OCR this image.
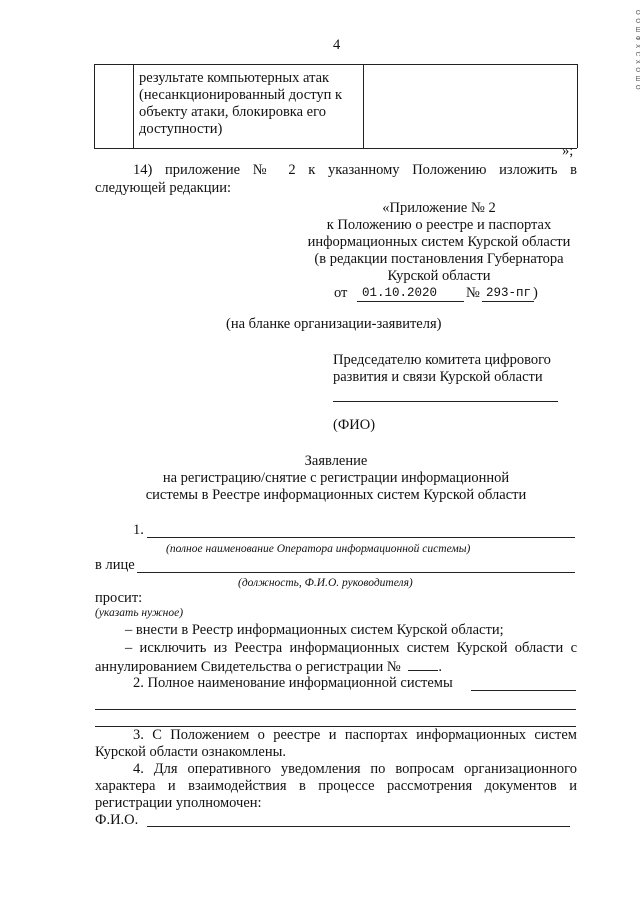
4	О О Ш Ф Х С Х О Ш О
результате компьютерных атак
(несанкционированный доступ к
объекту атаки, блокировка его
доступности)
»;
14) приложение № 2 к указанному Положению изложить в
следующей редакции:
«Приложение № 2
к Положению о реестре и паспортах
информационных систем Курской области
(в редакции постановления Губернатора
Курской области
от 01.10.2020 № 293-пг )
(на бланке организации-заявителя)
Председателю комитета цифрового
развития и связи Курской области
(ФИО)
Заявление
на регистрацию/снятие с регистрации информационной
системы в Реестре информационных систем Курской области
1.
(полное наименование Оператора информационной системы)
в лице
(должность, Ф.И.О. руководителя)
просит:
(указать нужное)
– внести в Реестр информационных систем Курской области;
– исключить из Реестра информационных систем Курской области с
аннулированием Свидетельства о регистрации №	.
2. Полное наименование информационной системы
3. С Положением о реестре и паспортах информационных систем
Курской области ознакомлены.
4. Для оперативного уведомления по вопросам организационного
характера и взаимодействия в процессе рассмотрения документов и
регистрации уполномочен:
Ф.И.О.
